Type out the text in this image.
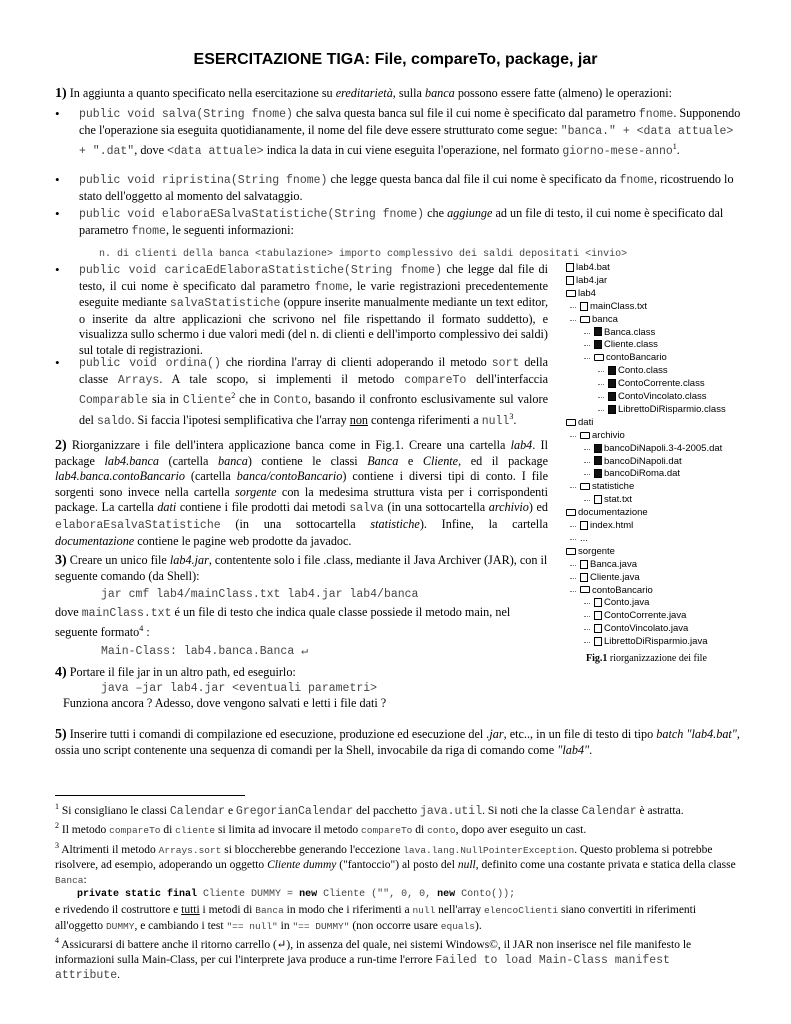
ESERCITAZIONE TIGA: File, compareTo, package, jar

1) In aggiunta a quanto specificato nella esercitazione su ereditarietà, sulla banca possono essere fatte (almeno) le operazioni:

• public void salva(String fnome) che salva questa banca sul file il cui nome è specificato dal parametro fnome. Supponendo che l'operazione sia eseguita quotidianamente, il nome del file deve essere strutturato come segue: "banca." + <data attuale> + ".dat", dove <data attuale> indica la data in cui viene eseguita l'operazione, nel formato giorno-mese-anno$^1$.

• public void ripristina(String fnome) che legge questa banca dal file il cui nome è specificato da fnome, ricostruendo lo stato dell'oggetto al momento del salvataggio.

• public void elaboraESalvaStatistiche(String fnome) che aggiunge ad un file di testo, il cui nome è specificato dal parametro fnome, le seguenti informazioni:

n. di clienti della banca <tabulazione> importo complessivo dei saldi depositati <invio>

• public void caricaEdElaboraStatistiche(String fnome) che legge dal file di testo, il cui nome è specificato dal parametro fnome, le varie registrazioni precedentemente eseguite mediante salvaStatistiche (oppure inserite manualmente mediante un text editor, o inserite da altre applicazioni che scrivono nel file rispettando il formato suddetto), e visualizza sullo schermo i due valori medi (del n. di clienti e dell'importo complessivo dei saldi) sul totale di registrazioni.

• public void ordina() che riordina l'array di clienti adoperando il metodo sort della classe Arrays. A tale scopo, si implementi il metodo compareTo dell'interfaccia Comparable sia in Cliente$^2$ che in Conto, basando il confronto esclusivamente sul valore del saldo. Si faccia l'ipotesi semplificativa che l'array non contenga riferimenti a null$^3$.

2) Riorganizzare i file dell'intera applicazione banca come in Fig.1. Creare una cartella lab4. Il package lab4.banca (cartella banca) contiene le classi Banca e Cliente, ed il package lab4.banca.contoBancario (cartella banca/contoBancario) contiene i diversi tipi di conto. I file sorgenti sono invece nella cartella sorgente con la medesima struttura vista per i corrispondenti package. La cartella dati contiene i file prodotti dai metodi salva (in una sottocartella archivio) ed elaboraEsalvaStatistiche (in una sottocartella statistiche). Infine, la cartella documentazione contiene le pagine web prodotte da javadoc.

3) Creare un unico file lab4.jar, contentente solo i file .class, mediante il Java Archiver (JAR), con il seguente comando (da Shell):

jar cmf lab4/mainClass.txt lab4.jar lab4/banca

dove mainClass.txt é un file di testo che indica quale classe possiede il metodo main, nel seguente formato$^4$ :

Main-Class: lab4.banca.Banca ↵

4) Portare il file jar in un altro path, ed eseguirlo:

java –jar lab4.jar <eventuali parametri>

Funziona ancora ? Adesso, dove vengono salvati e letti i file dati ?

5) Inserire tutti i comandi di compilazione ed esecuzione, produzione ed esecuzione del .jar, etc.., in un file di testo di tipo batch "lab4.bat", ossia uno script contenente una sequenza di comandi per la Shell, invocabile da riga di comando come "lab4".

lab4.bat
lab4.jar
lab4
mainClass.txt
banca
Banca.class
Cliente.class
contoBancario
Conto.class
ContoCorrente.class
ContoVincolato.class
LibrettoDiRisparmio.class
dati
archivio
bancoDiNapoli.3-4-2005.dat
bancoDiNapoli.dat
bancoDiRoma.dat
statistiche
stat.txt
documentazione
index.html
...
sorgente
Banca.java
Cliente.java
contoBancario
Conto.java
ContoCorrente.java
ContoVincolato.java
LibrettoDiRisparmio.java
Fig.1 riorganizzazione dei file

$^1$ Si consigliano le classi Calendar e GregorianCalendar del pacchetto java.util. Si noti che la classe Calendar è astratta.

$^2$ Il metodo compareTo di cliente si limita ad invocare il metodo compareTo di conto, dopo aver eseguito un cast.

$^3$ Altrimenti il metodo Arrays.sort si bloccherebbe generando l'eccezione lava.lang.NullPointerException. Questo problema si potrebbe risolvere, ad esempio, adoperando un oggetto Cliente dummy ("fantoccio") al posto del null, definito come una costante privata e statica della classe Banca:

private static final Cliente DUMMY = new Cliente ("", 0, 0, new Conto());

e rivedendo il costruttore e tutti i metodi di Banca in modo che i riferimenti a null nell'array elencoClienti siano convertiti in riferimenti all'oggetto DUMMY, e cambiando i test "== null" in "== DUMMY" (non occorre usare equals).

$^4$ Assicurarsi di battere anche il ritorno carrello (↵), in assenza del quale, nei sistemi Windows©, il JAR non inserisce nel file manifesto le informazioni sulla Main-Class, per cui l'interprete java produce a run-time l'errore Failed to load Main-Class manifest attribute.
